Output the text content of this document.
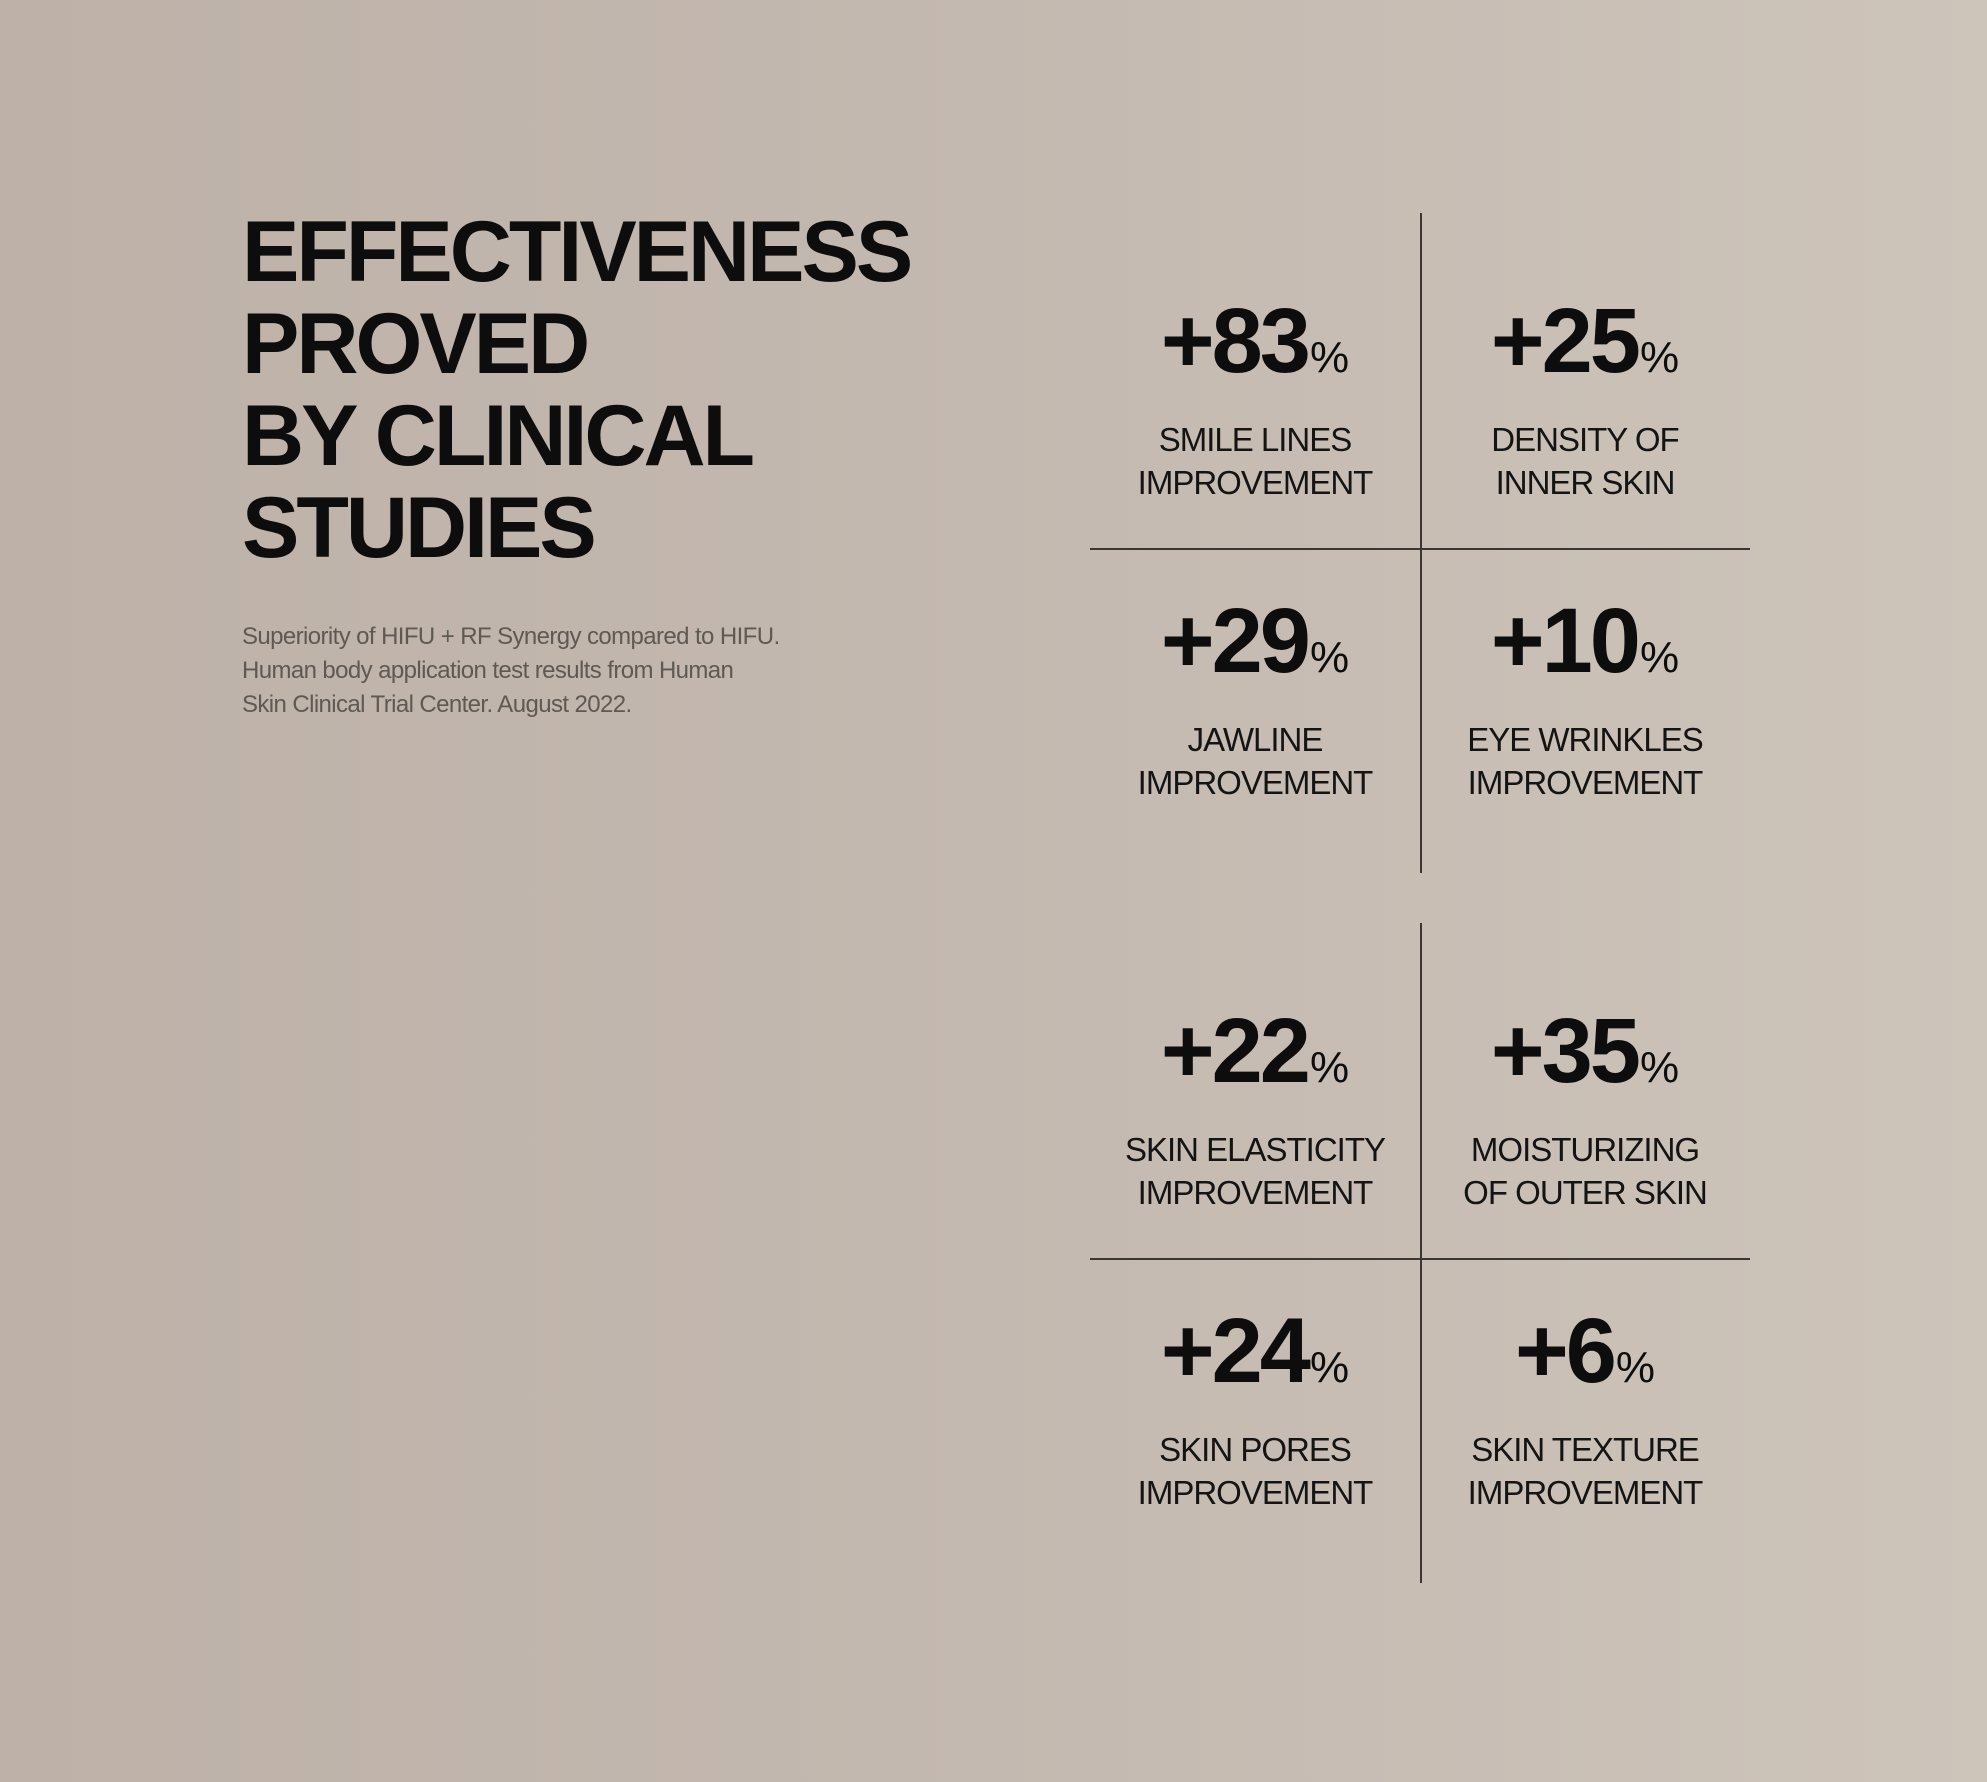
EFFECTIVENESS
PROVED
BY CLINICAL
STUDIES

Superiority of HIFU + RF Synergy compared to HIFU.
Human body application test results from Human
Skin Clinical Trial Center. August 2022.

+83%
SMILE LINES
IMPROVEMENT
+25%
DENSITY OF
INNER SKIN
+29%
JAWLINE
IMPROVEMENT
+10%
EYE WRINKLES
IMPROVEMENT
+22%
SKIN ELASTICITY
IMPROVEMENT
+35%
MOISTURIZING
OF OUTER SKIN
+24%
SKIN PORES
IMPROVEMENT
+6%
SKIN TEXTURE
IMPROVEMENT
